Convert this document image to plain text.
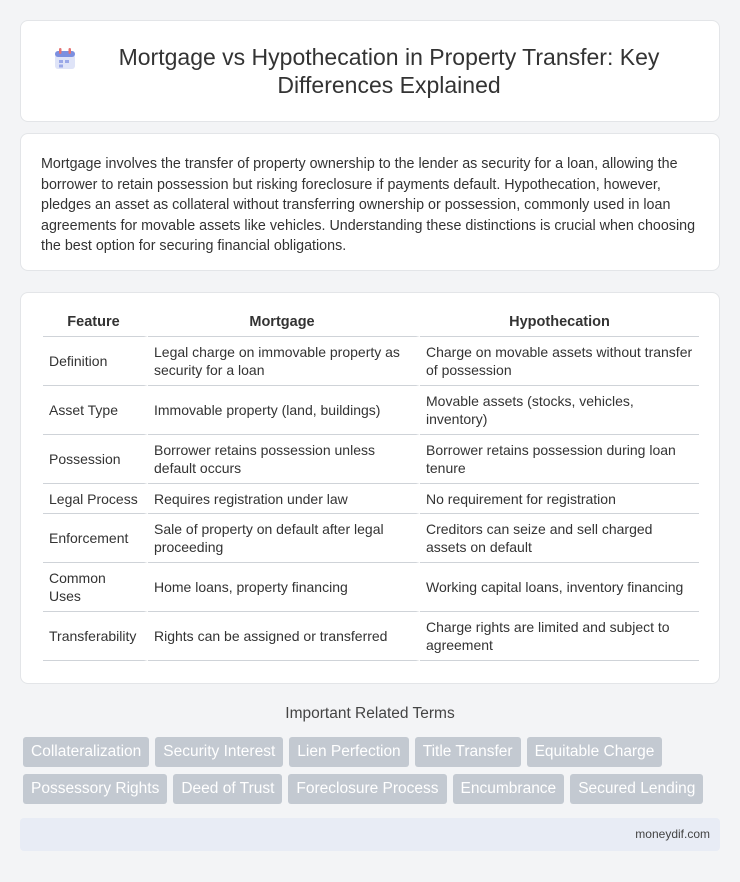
Mortgage vs Hypothecation in Property Transfer: Key Differences Explained

Mortgage involves the transfer of property ownership to the lender as security for a loan, allowing the borrower to retain possession but risking foreclosure if payments default. Hypothecation, however, pledges an asset as collateral without transferring ownership or possession, commonly used in loan agreements for movable assets like vehicles. Understanding these distinctions is crucial when choosing the best option for securing financial obligations.

Feature	Mortgage	Hypothecation
Definition	Legal charge on immovable property as security for a loan	Charge on movable assets without transfer of possession
Asset Type	Immovable property (land, buildings)	Movable assets (stocks, vehicles, inventory)
Possession	Borrower retains possession unless default occurs	Borrower retains possession during loan tenure
Legal Process	Requires registration under law	No requirement for registration
Enforcement	Sale of property on default after legal proceeding	Creditors can seize and sell charged assets on default
Common Uses	Home loans, property financing	Working capital loans, inventory financing
Transferability	Rights can be assigned or transferred	Charge rights are limited and subject to agreement
Important Related Terms
Collateralization	Security Interest	Lien Perfection	Title Transfer	Equitable Charge
Possessory Rights	Deed of Trust	Foreclosure Process	Encumbrance	Secured Lending
moneydif.com
